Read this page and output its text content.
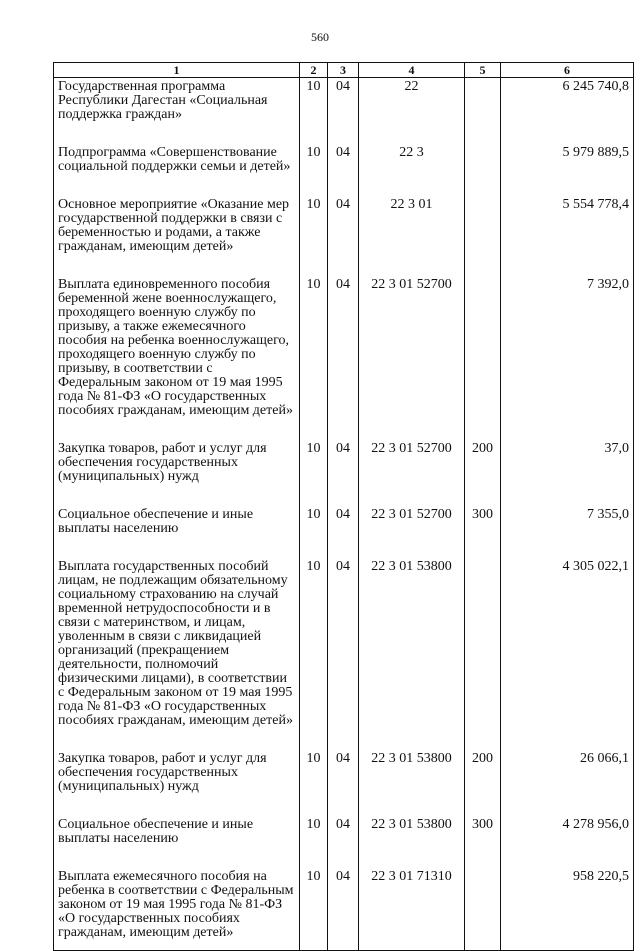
560
1	2	3	4	5	6
Государственная программа Республики Дагестан «Социальная поддержка граждан»	10	04	22		6 245 740,8
Подпрограмма «Совершенствование социальной поддержки семьи и детей»	10	04	22 3		5 979 889,5
Основное мероприятие «Оказание мер государственной поддержки в связи с беременностью и родами, а также гражданам, имеющим детей»	10	04	22 3 01		5 554 778,4
Выплата единовременного пособия беременной жене военнослужащего, проходящего военную службу по призыву, а также ежемесячного пособия на ребенка военнослужащего, проходящего военную службу по призыву, в соответствии с Федеральным законом от 19 мая 1995 года № 81-ФЗ «О государственных пособиях гражданам, имеющим детей»	10	04	22 3 01 52700		7 392,0
Закупка товаров, работ и услуг для обеспечения государственных (муниципальных) нужд	10	04	22 3 01 52700	200	37,0
Социальное обеспечение и иные выплаты населению	10	04	22 3 01 52700	300	7 355,0
Выплата государственных пособий лицам, не подлежащим обязательному социальному страхованию на случай временной нетрудоспособности и в связи с материнством, и лицам, уволенным в связи с ликвидацией организаций (прекращением деятельности, полномочий физическими лицами), в соответствии с Федеральным законом от 19 мая 1995 года № 81-ФЗ «О государственных пособиях гражданам, имеющим детей»	10	04	22 3 01 53800		4 305 022,1
Закупка товаров, работ и услуг для обеспечения государственных (муниципальных) нужд	10	04	22 3 01 53800	200	26 066,1
Социальное обеспечение и иные выплаты населению	10	04	22 3 01 53800	300	4 278 956,0
Выплата ежемесячного пособия на ребенка в соответствии с Федеральным законом от 19 мая 1995 года № 81-ФЗ «О государственных пособиях гражданам, имеющим детей»	10	04	22 3 01 71310		958 220,5
